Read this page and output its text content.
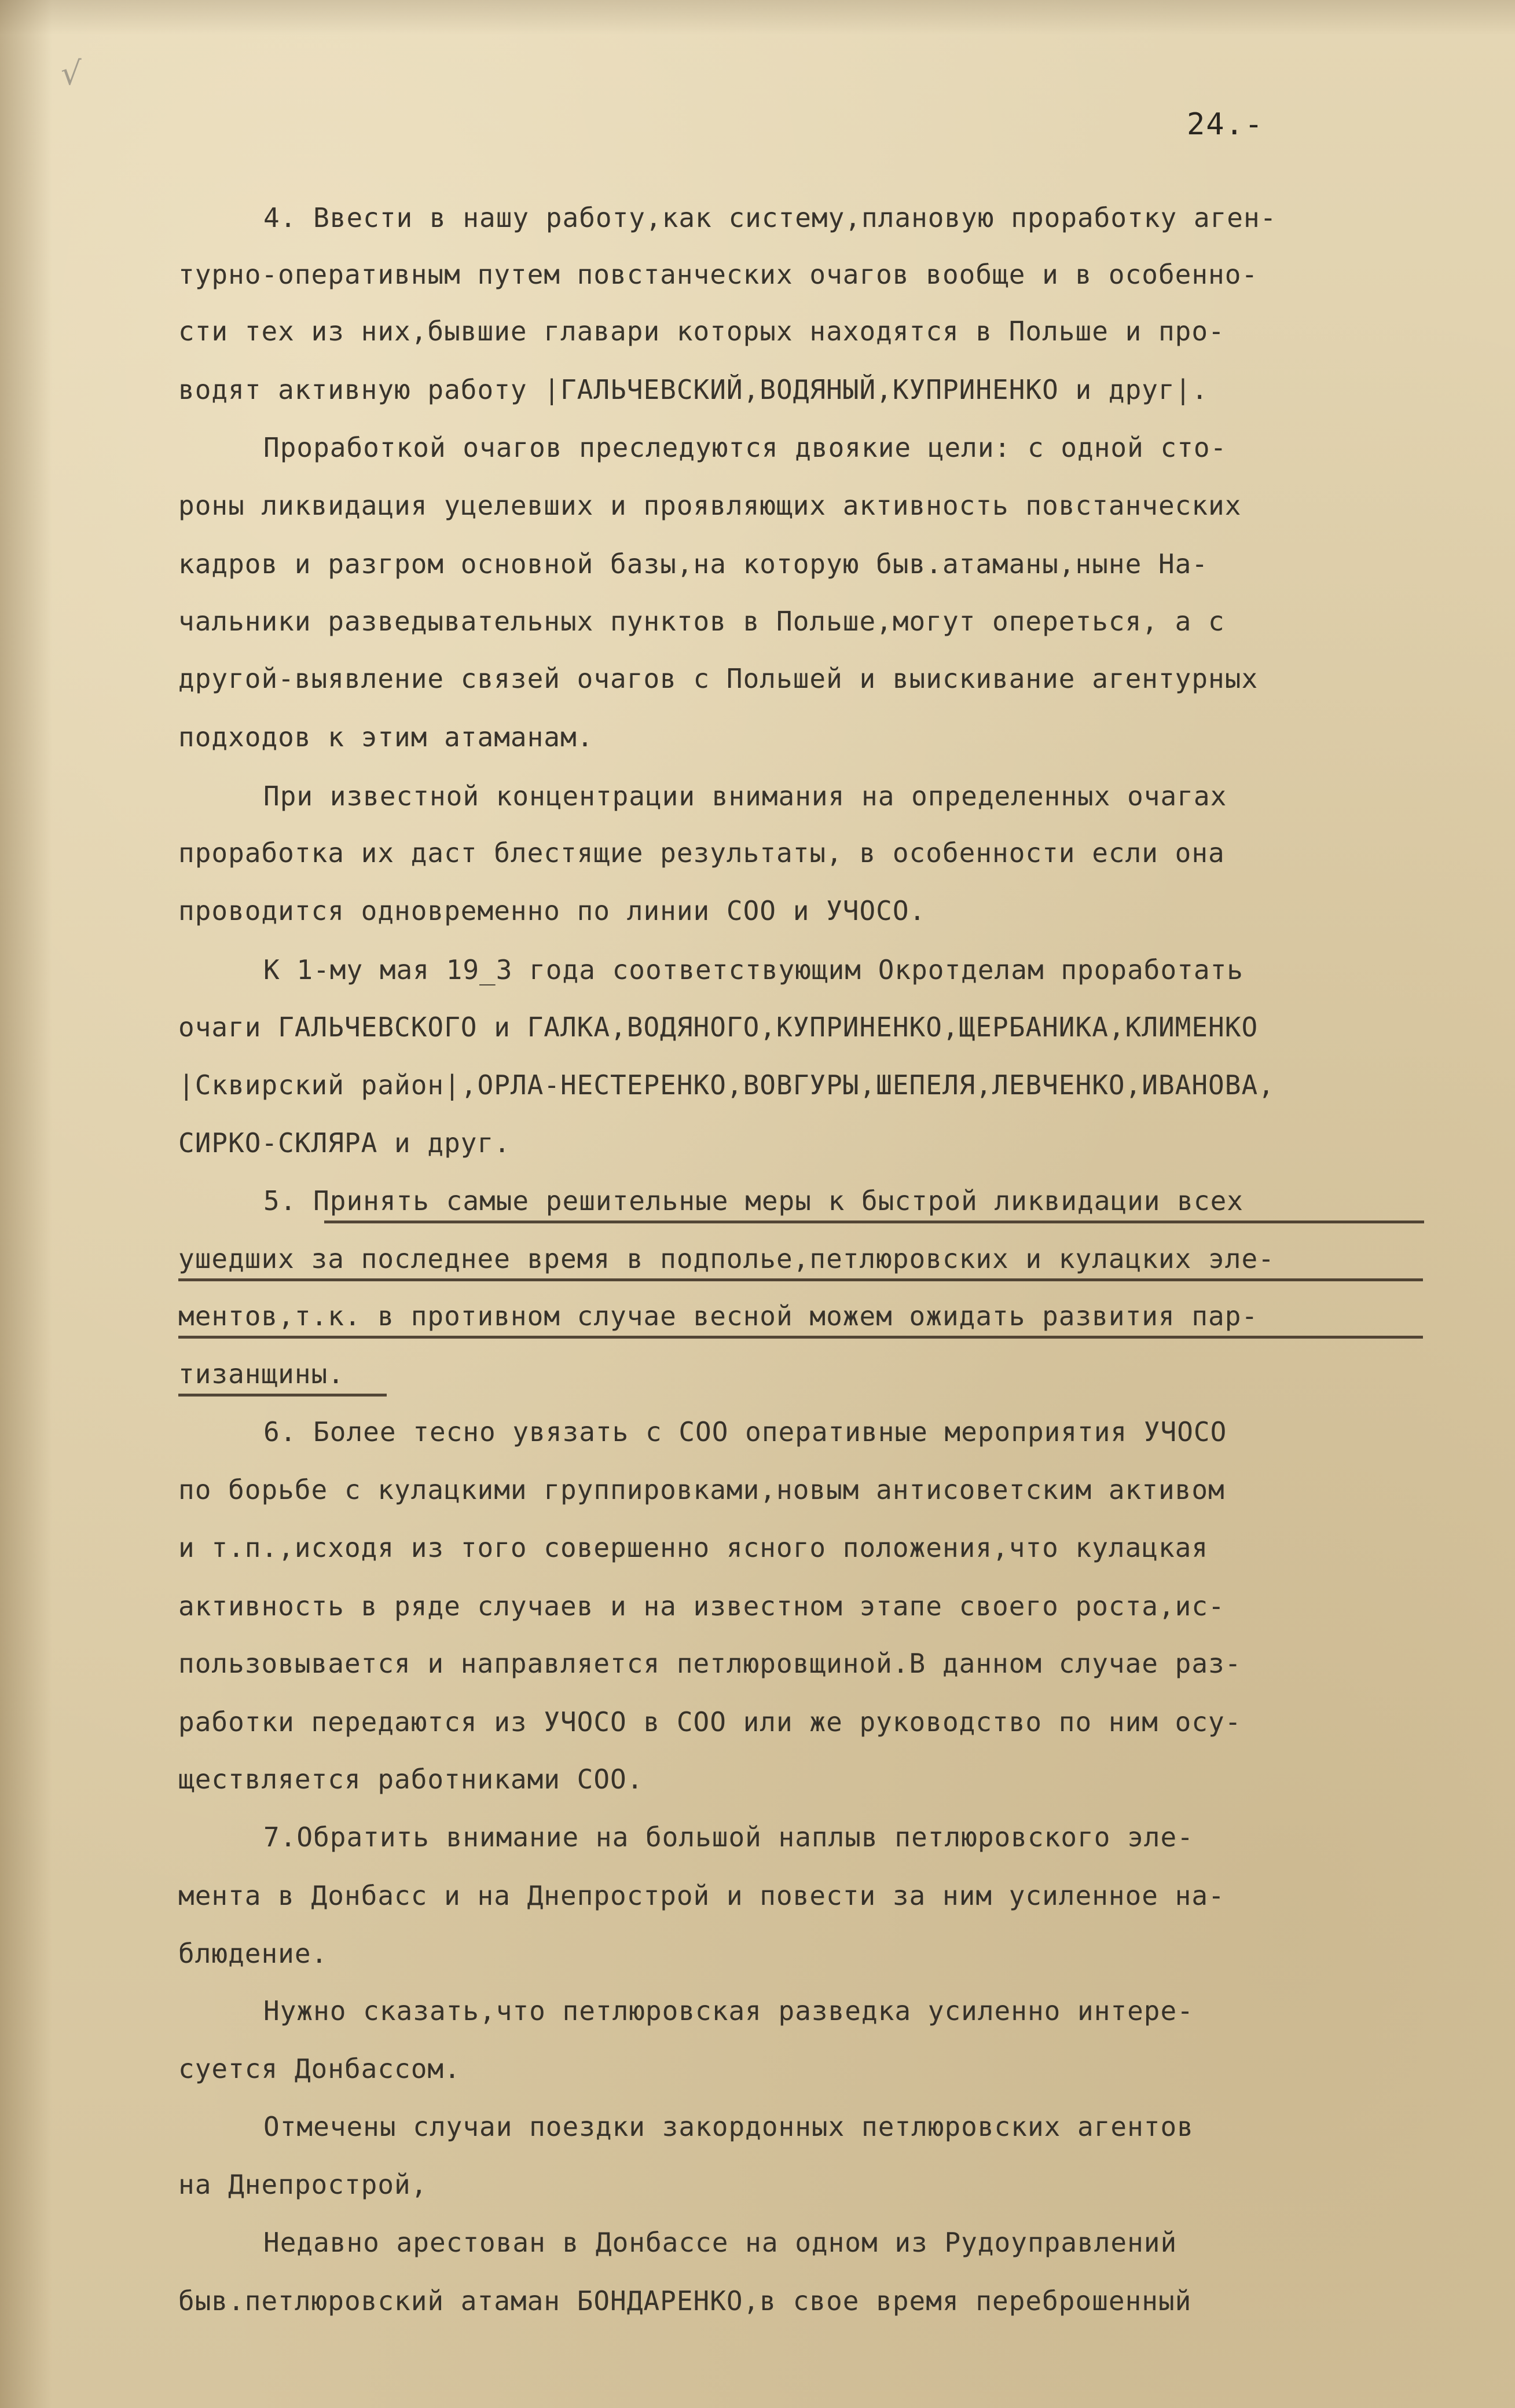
√
24.-
4. Ввести в нашу работу,как систему,плановую проработку аген-
турно-оперативным путем повстанческих очагов вообще и в особенно-
сти тех из них,бывшие главари которых находятся в Польше и про-
водят активную работу |ГАЛЬЧЕВСКИЙ,ВОДЯНЫЙ,КУПРИНЕНКО и друг|.
Проработкой очагов преследуются двоякие цели: с одной сто-
роны ликвидация уцелевших и проявляющих активность повстанческих
кадров и разгром основной базы,на которую быв.атаманы,ныне На-
чальники разведывательных пунктов в Польше,могут опереться, а с
другой-выявление связей очагов с Польшей и выискивание агентурных
подходов к этим атаманам.
При известной концентрации внимания на определенных очагах
проработка их даст блестящие результаты, в особенности если она
проводится одновременно по линии СОО и УЧОСО.
К 1-му мая 19_3 года соответствующим Окротделам проработать
очаги ГАЛЬЧЕВСКОГО и ГАЛКА,ВОДЯНОГО,КУПРИНЕНКО,ЩЕРБАНИКА,КЛИМЕНКО
|Сквирский район|,ОРЛА-НЕСТЕРЕНКО,ВОВГУРЫ,ШЕПЕЛЯ,ЛЕВЧЕНКО,ИВАНОВА,
СИРКО-СКЛЯРА и друг.
5. Принять самые решительные меры к быстрой ликвидации всех
ушедших за последнее время в подполье,петлюровских и кулацких эле-
ментов,т.к. в противном случае весной можем ожидать развития пар-
тизанщины.
6. Более тесно увязать с СОО оперативные мероприятия УЧОСО
по борьбе с кулацкими группировками,новым антисоветским активом
и т.п.,исходя из того совершенно ясного положения,что кулацкая
активность в ряде случаев и на известном этапе своего роста,ис-
пользовывается и направляется петлюровщиной.В данном случае раз-
работки передаются из УЧОСО в СОО или же руководство по ним осу-
ществляется работниками СОО.
7.Обратить внимание на большой наплыв петлюровского эле-
мента в Донбасс и на Днепрострой и повести за ним усиленное на-
блюдение.
Нужно сказать,что петлюровская разведка усиленно интере-
суется Донбассом.
Отмечены случаи поездки закордонных петлюровских агентов
на Днепрострой,
Недавно арестован в Донбассе на одном из Рудоуправлений
быв.петлюровский атаман БОНДАРЕНКО,в свое время переброшенный
